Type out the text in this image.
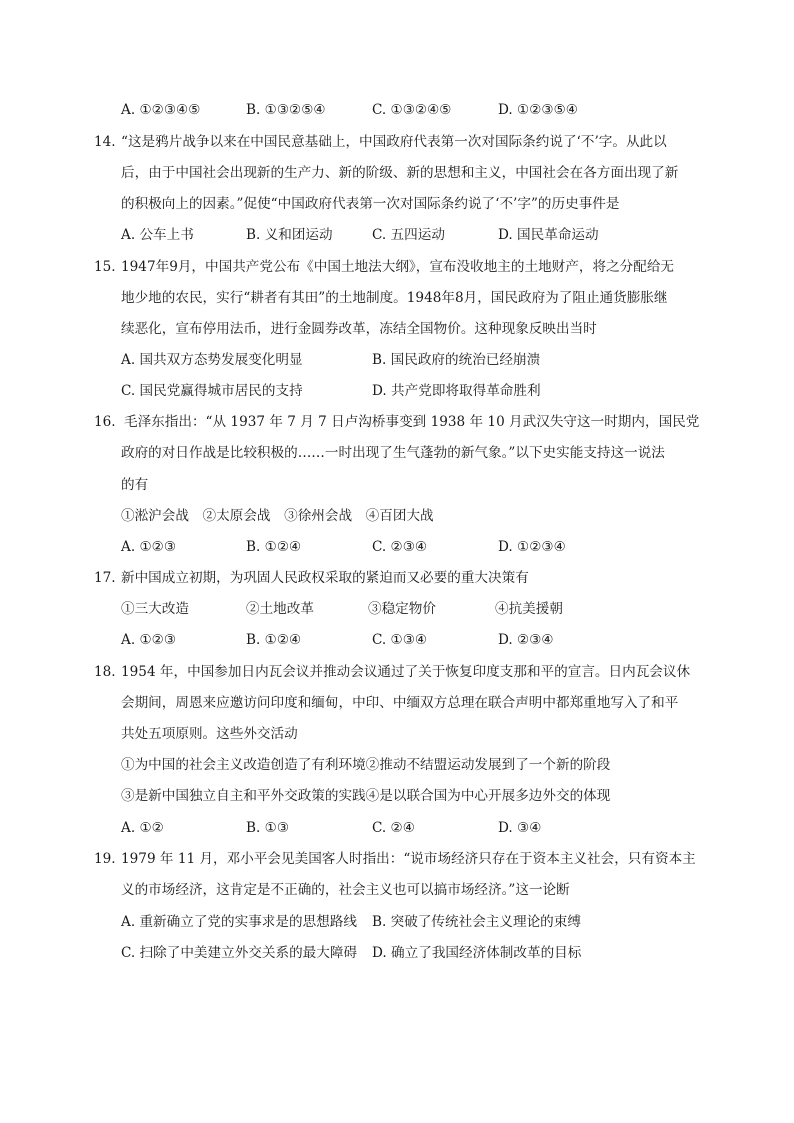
A. ①②③④⑤	B. ①③②⑤④	C. ①③②④⑤	D. ①②③⑤④
14. “这是鸦片战争以来在中国民意基础上，中国政府代表第一次对国际条约说了‘不’字。从此以
后，由于中国社会出现新的生产力、新的阶级、新的思想和主义，中国社会在各方面出现了新
的积极向上的因素。”促使“中国政府代表第一次对国际条约说了‘不’字”的历史事件是
A. 公车上书	B. 义和团运动	C. 五四运动	D. 国民革命运动
15. 1947年9月，中国共产党公布《中国土地法大纲》，宣布没收地主的土地财产，将之分配给无
地少地的农民，实行“耕者有其田”的土地制度。1948年8月，国民政府为了阻止通货膨胀继
续恶化，宣布停用法币，进行金圆券改革，冻结全国物价。这种现象反映出当时
A. 国共双方态势发展变化明显	B. 国民政府的统治已经崩溃
C. 国民党赢得城市居民的支持	D. 共产党即将取得革命胜利
16. 毛泽东指出：“从 1937 年 7 月 7 日卢沟桥事变到 1938 年 10 月武汉失守这一时期内，国民党
政府的对日作战是比较积极的……一时出现了生气蓬勃的新气象。”以下史实能支持这一说法
的有
①淞沪会战　②太原会战　③徐州会战　④百团大战
A. ①②③	B. ①②④	C. ②③④	D. ①②③④
17. 新中国成立初期，为巩固人民政权采取的紧迫而又必要的重大决策有
①三大改造	②土地改革	③稳定物价	④抗美援朝
A. ①②③	B. ①②④	C. ①③④	D. ②③④
18. 1954 年，中国参加日内瓦会议并推动会议通过了关于恢复印度支那和平的宣言。日内瓦会议休
会期间，周恩来应邀访问印度和缅甸，中印、中缅双方总理在联合声明中都郑重地写入了和平
共处五项原则。这些外交活动
①为中国的社会主义改造创造了有利环境②推动不结盟运动发展到了一个新的阶段
③是新中国独立自主和平外交政策的实践④是以联合国为中心开展多边外交的体现
A. ①②	B. ①③	C. ②④	D. ③④
19. 1979 年 11 月，邓小平会见美国客人时指出：“说市场经济只存在于资本主义社会，只有资本主
义的市场经济，这肯定是不正确的，社会主义也可以搞市场经济。”这一论断
A. 重新确立了党的实事求是的思想路线 B. 突破了传统社会主义理论的束缚
C. 扫除了中美建立外交关系的最大障碍 D. 确立了我国经济体制改革的目标
